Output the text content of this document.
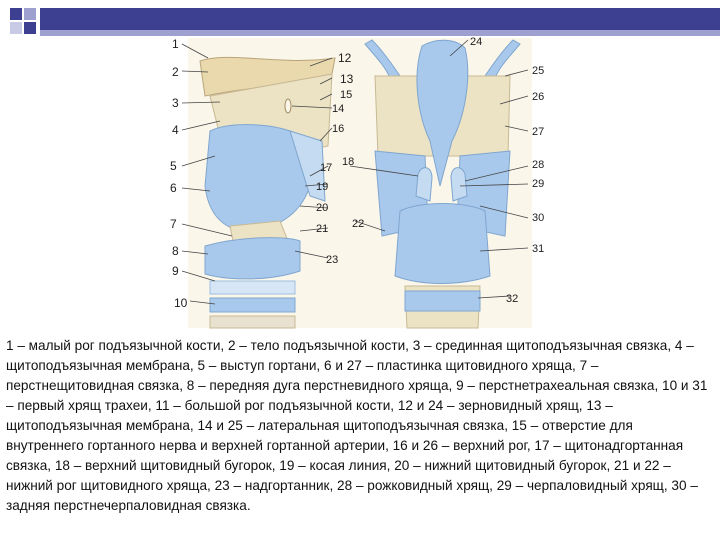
1
2
3
4
5
6
7
8
9
10
12
13
15
14
16
18
17
19
20
21 22
23
24
25
26
27
28
29
30
31
32
1 – малый рог подъязычной кости, 2 – тело подъязычной кости, 3 – срединная щитоподъязычная связка, 4 – щитоподъязычная мембрана, 5 – выступ гортани, 6 и 27 – пластинка щитовидного хряща, 7 – перстнещитовидная связка, 8 – передняя дуга перстневидного хряща, 9 – перстнетрахеальная связка, 10 и 31 – первый хрящ трахеи, 11 – большой рог подъязычной кости, 12 и 24 – зерновидный хрящ, 13 – щитоподъязычная мембрана, 14 и 25 – латеральная щитоподъязычная связка, 15 – отверстие для внутреннего гортанного нерва и верхней гортанной артерии, 16 и 26 – верхний рог, 17 – щитонадгортанная связка, 18 – верхний щитовидный бугорок, 19 – косая линия, 20 – нижний щитовидный бугорок, 21 и 22 – нижний рог щитовидного хряща, 23 – надгортанник, 28 – рожковидный хрящ, 29 – черпаловидный хрящ, 30 – задняя перстнечерпаловидная связка.
